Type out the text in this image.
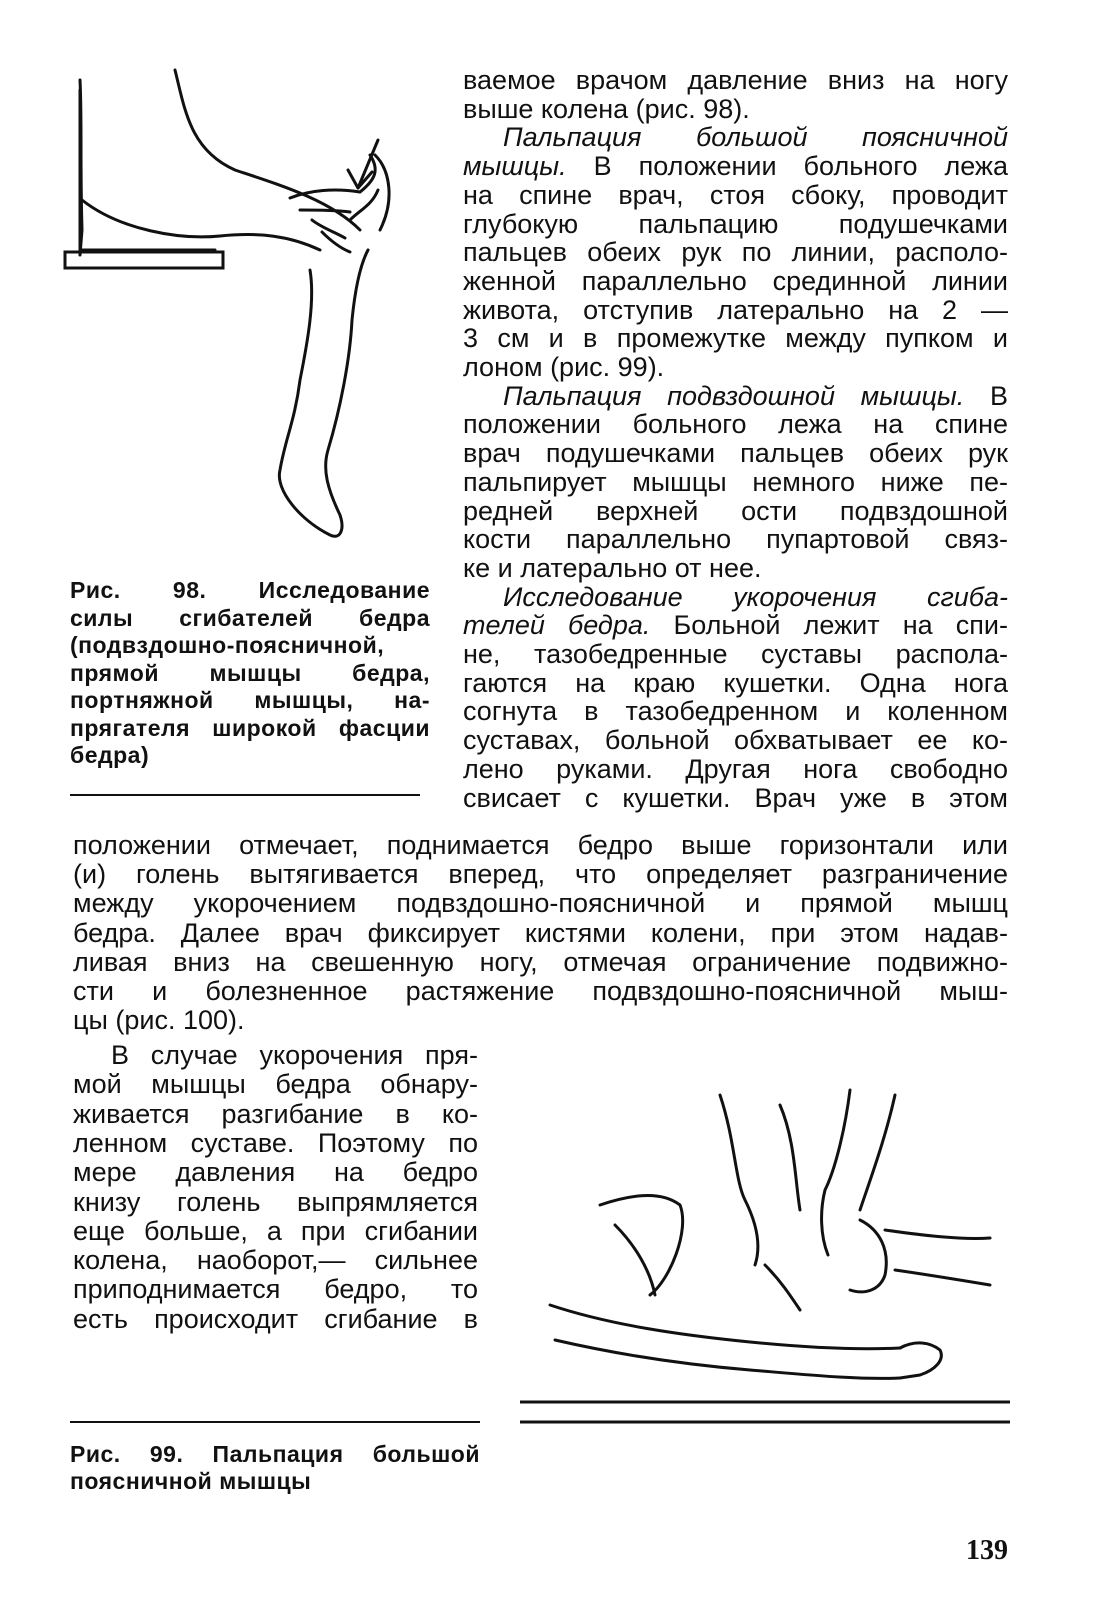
ваемое врачом давление вниз на ногу
выше колена (рис. 98).
Пальпация большой поясничной
мышцы. В положении больного лежа
на спине врач, стоя сбоку, проводит
глубокую пальпацию подушечками
пальцев обеих рук по линии, располо-
женной параллельно срединной линии
живота, отступив латерально на 2 —
3 см и в промежутке между пупком и
лоном (рис. 99).
Пальпация подвздошной мышцы. В
положении больного лежа на спине
врач подушечками пальцев обеих рук
пальпирует мышцы немного ниже пе-
редней верхней ости подвздошной
кости параллельно пупартовой связ-
ке и латерально от нее.
Исследование укорочения сгиба-
телей бедра. Больной лежит на спи-
не, тазобедренные суставы распола-
гаются на краю кушетки. Одна нога
согнута в тазобедренном и коленном
суставах, больной обхватывает ее ко-
лено руками. Другая нога свободно
свисает с кушетки. Врач уже в этом
положении отмечает, поднимается бедро выше горизонтали или
(и) голень вытягивается вперед, что определяет разграничение
между укорочением подвздошно-поясничной и прямой мышц
бедра. Далее врач фиксирует кистями колени, при этом надав-
ливая вниз на свешенную ногу, отмечая ограничение подвижно-
сти и болезненное растяжение подвздошно-поясничной мыш-
цы (рис. 100).
В случае укорочения пря-
мой мышцы бедра обнару-
живается разгибание в ко-
ленном суставе. Поэтому по
мере давления на бедро
книзу голень выпрямляется
еще больше, а при сгибании
колена, наоборот,— сильнее
приподнимается бедро, то
есть происходит сгибание в
Рис. 98. Исследование
силы сгибателей бедра
(подвздошно-поясничной,
прямой мышцы бедра,
портняжной мышцы, на-
прягателя широкой фасции
бедра)
Рис. 99. Пальпация большой
поясничной мышцы
139
